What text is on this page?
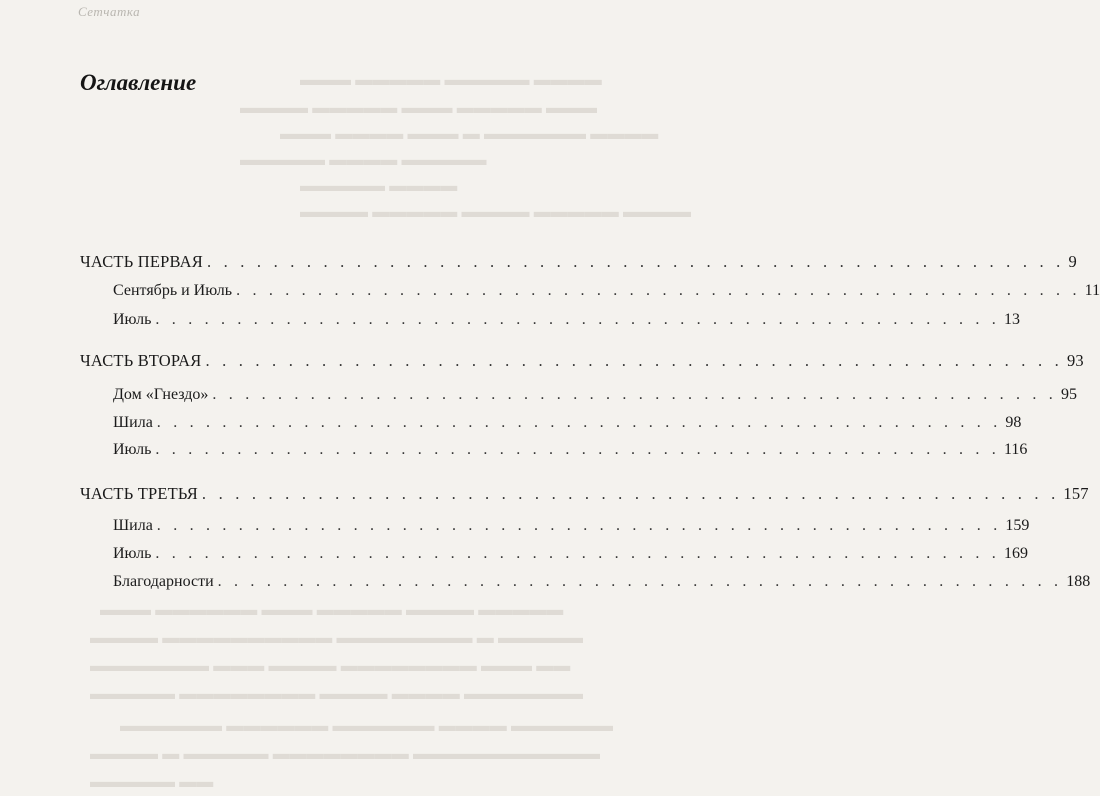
Сетчатка
▬▬▬▬ ▬▬▬▬▬ ▬▬▬▬▬ ▬▬▬
▬▬▬ ▬▬▬▬▬ ▬▬▬ ▬▬▬▬▬ ▬▬▬▬
▬▬▬▬ ▬▬▬▬▬▬ ▬ ▬▬▬ ▬▬▬▬ ▬▬▬
▬▬▬▬▬ ▬▬▬▬ ▬▬▬▬▬
▬▬▬▬ ▬▬▬▬▬
▬▬▬▬ ▬▬▬▬▬ ▬▬▬▬ ▬▬▬▬▬ ▬▬▬▬
▬▬▬▬▬ ▬▬▬▬ ▬▬▬▬▬ ▬▬▬ ▬▬▬▬▬▬ ▬▬▬
▬▬▬▬▬ ▬ ▬▬▬▬▬▬▬▬ ▬▬▬▬▬▬▬▬▬▬ ▬▬▬▬
▬▬ ▬▬▬ ▬▬▬▬▬▬▬▬ ▬▬▬▬ ▬▬▬ ▬▬▬▬▬▬▬
▬▬▬▬▬▬▬ ▬▬▬▬ ▬▬▬▬ ▬▬▬▬▬▬▬▬ ▬▬▬▬▬
▬▬▬▬▬▬ ▬▬▬▬ ▬▬▬▬▬▬ ▬▬▬▬▬▬ ▬▬▬▬▬▬
▬▬▬▬▬▬▬▬▬▬▬ ▬▬▬▬▬▬▬▬ ▬▬▬▬▬ ▬ ▬▬▬▬
▬▬ ▬▬▬▬▬
Оглавление
ЧАСТЬ ПЕРВАЯ . . .	9
Сентябрь и Июль . . .	11
Июль . . .	13
ЧАСТЬ ВТОРАЯ . . .	93
Дом «Гнездо» . . .	95
Шила . . .	98
Июль . . .	116
ЧАСТЬ ТРЕТЬЯ . . .	157
Шила . . .	159
Июль . . .	169
Благодарности . . .	188
